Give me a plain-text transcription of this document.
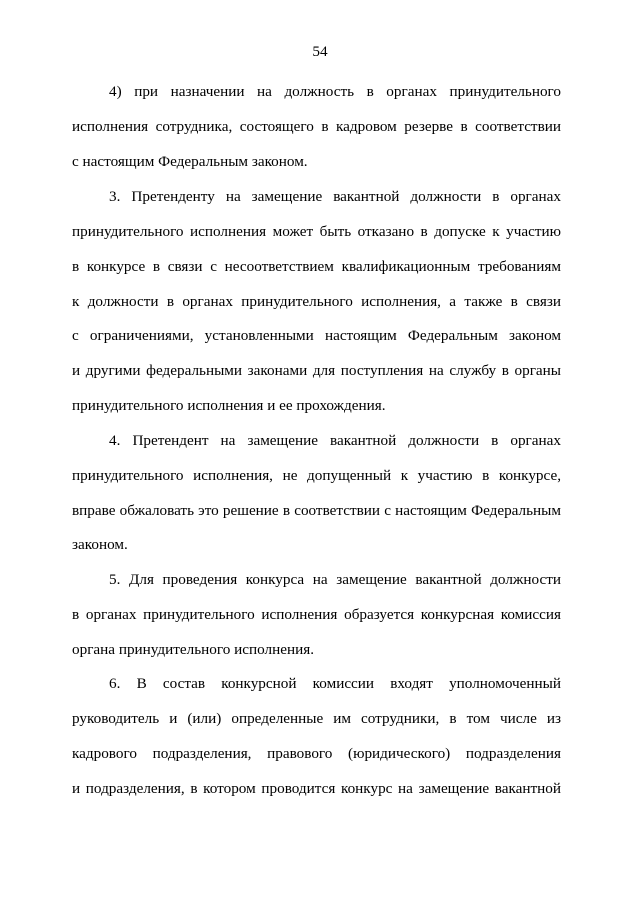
54
4) при назначении на должность в органах принудительного
исполнения сотрудника, состоящего в кадровом резерве в соответствии
с настоящим Федеральным законом.
3. Претенденту на замещение вакантной должности в органах
принудительного исполнения может быть отказано в допуске к участию
в конкурсе в связи с несоответствием квалификационным требованиям
к должности в органах принудительного исполнения, а также в связи
с ограничениями, установленными настоящим Федеральным законом
и другими федеральными законами для поступления на службу в органы
принудительного исполнения и ее прохождения.
4. Претендент на замещение вакантной должности в органах
принудительного исполнения, не допущенный к участию в конкурсе,
вправе обжаловать это решение в соответствии с настоящим Федеральным
законом.
5. Для проведения конкурса на замещение вакантной должности
в органах принудительного исполнения образуется конкурсная комиссия
органа принудительного исполнения.
6. В состав конкурсной комиссии входят уполномоченный
руководитель и (или) определенные им сотрудники, в том числе из
кадрового подразделения, правового (юридического) подразделения
и подразделения, в котором проводится конкурс на замещение вакантной
